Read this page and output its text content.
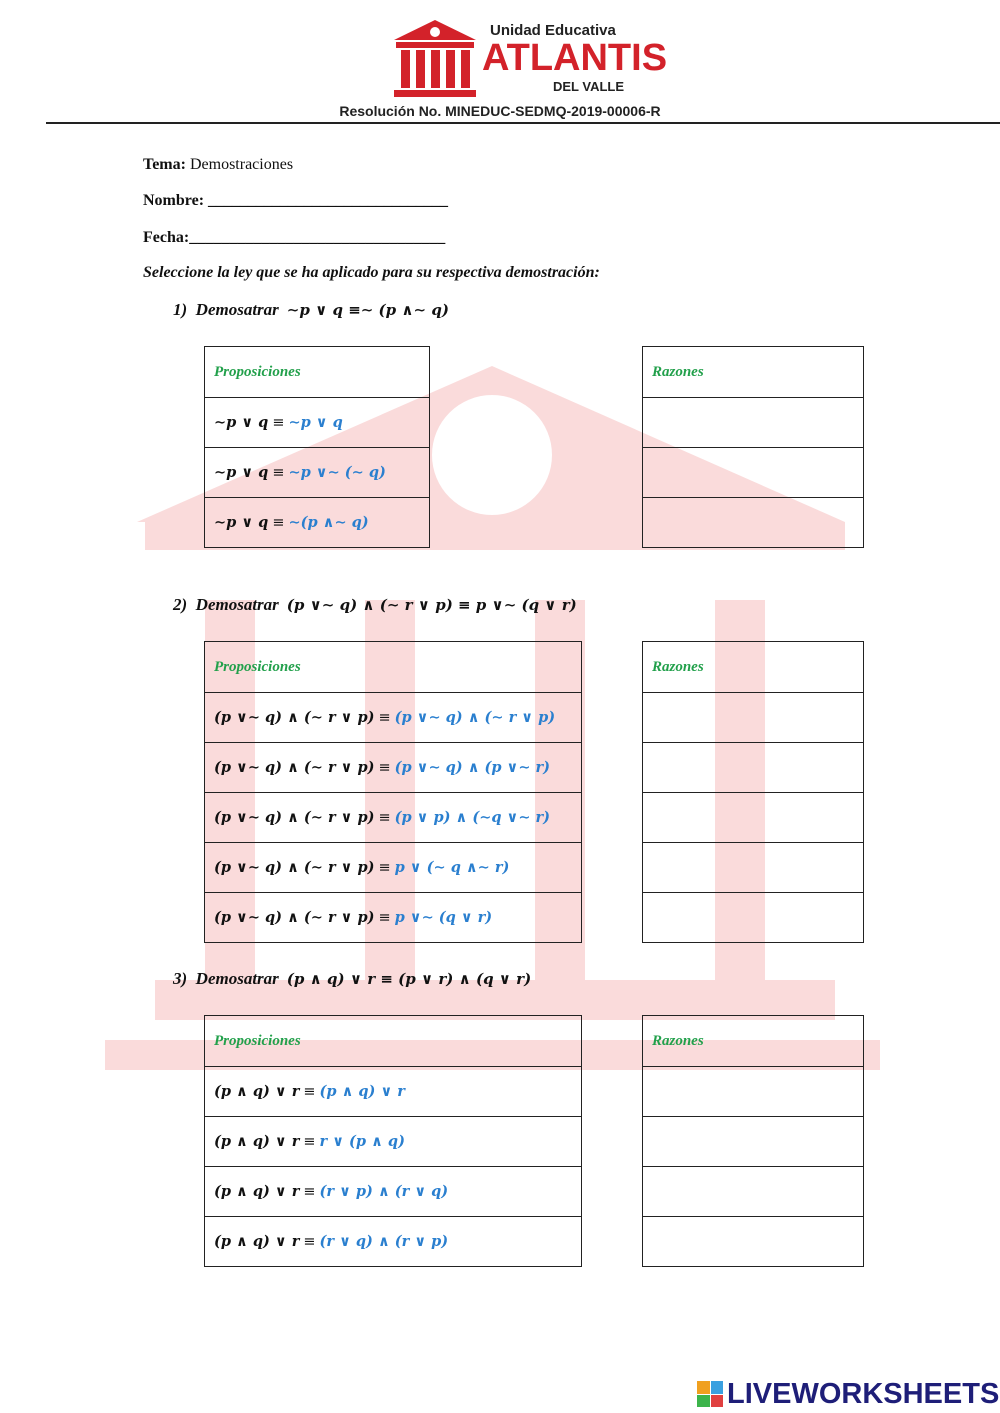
Unidad Educativa
ATLANTIS
DEL VALLE
Resolución No. MINEDUC-SEDMQ-2019-00006-R
Tema: Demostraciones
Nombre: ______________________________
Fecha:________________________________
Seleccione la ley que se ha aplicado para su respectiva demostración:
1) Demosatrar ∼𝒑 ∨ 𝒒 ≡∼ (𝒑 ∧∼ 𝒒)
Proposiciones
∼𝒑 ∨ 𝒒 ≡ ∼𝒑 ∨ 𝒒
∼𝒑 ∨ 𝒒 ≡ ∼𝒑 ∨∼ (∼ 𝒒)
∼𝒑 ∨ 𝒒 ≡ ∼(𝒑 ∧∼ 𝒒)
Razones

2) Demosatrar (𝒑 ∨∼ 𝒒) ∧ (∼ 𝒓 ∨ 𝒑) ≡ 𝒑 ∨∼ (𝒒 ∨ 𝒓)
Proposiciones
(𝒑 ∨∼ 𝒒) ∧ (∼ 𝒓 ∨ 𝒑) ≡ (𝒑 ∨∼ 𝒒) ∧ (∼ 𝒓 ∨ 𝒑)
(𝒑 ∨∼ 𝒒) ∧ (∼ 𝒓 ∨ 𝒑) ≡ (𝒑 ∨∼ 𝒒) ∧ (𝒑 ∨∼ 𝒓)
(𝒑 ∨∼ 𝒒) ∧ (∼ 𝒓 ∨ 𝒑) ≡ (𝒑 ∨ 𝒑) ∧ (∼𝒒 ∨∼ 𝒓)
(𝒑 ∨∼ 𝒒) ∧ (∼ 𝒓 ∨ 𝒑) ≡ 𝒑 ∨ (∼ 𝒒 ∧∼ 𝒓)
(𝒑 ∨∼ 𝒒) ∧ (∼ 𝒓 ∨ 𝒑) ≡ 𝒑 ∨∼ (𝒒 ∨ 𝒓)
Razones

3) Demosatrar (𝒑 ∧ 𝒒) ∨ 𝒓 ≡ (𝒑 ∨ 𝒓) ∧ (𝒒 ∨ 𝒓)
Proposiciones
(𝒑 ∧ 𝒒) ∨ 𝒓 ≡ (𝒑 ∧ 𝒒) ∨ 𝒓
(𝒑 ∧ 𝒒) ∨ 𝒓 ≡ 𝒓 ∨ (𝒑 ∧ 𝒒)
(𝒑 ∧ 𝒒) ∨ 𝒓 ≡ (𝒓 ∨ 𝒑) ∧ (𝒓 ∨ 𝒒)
(𝒑 ∧ 𝒒) ∨ 𝒓 ≡ (𝒓 ∨ 𝒒) ∧ (𝒓 ∨ 𝒑)
Razones

LIVEWORKSHEETS
